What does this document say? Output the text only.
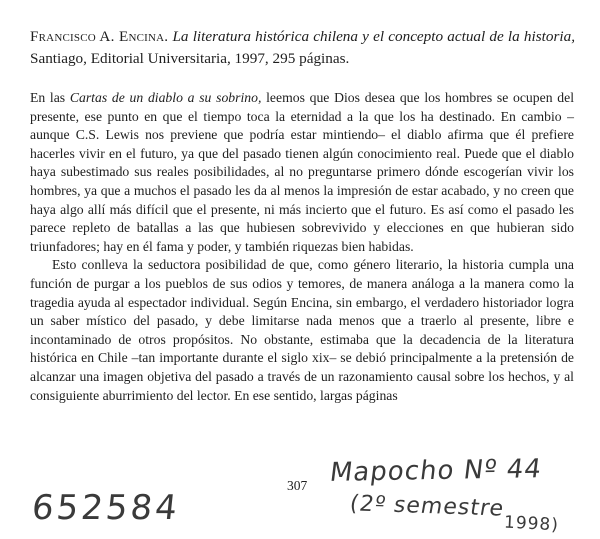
Francisco A. Encina. La literatura histórica chilena y el concepto actual de la historia, Santiago, Editorial Universitaria, 1997, 295 páginas.

En las Cartas de un diablo a su sobrino, leemos que Dios desea que los hombres se ocupen del presente, ese punto en que el tiempo toca la eternidad a la que los ha destinado. En cambio –aunque C.S. Lewis nos previene que podría estar mintiendo– el diablo afirma que él prefiere hacerles vivir en el futuro, ya que del pasado tienen algún conocimiento real. Puede que el diablo haya subestimado sus reales posibilidades, al no preguntarse primero dónde escogerían vivir los hombres, ya que a muchos el pasado les da al menos la impresión de estar acabado, y no creen que haya algo allí más difícil que el presente, ni más incierto que el futuro. Es así como el pasado les parece repleto de batallas a las que hubiesen sobrevivido y elecciones en que hubieran sido triunfadores; hay en él fama y poder, y también riquezas bien habidas.

Esto conlleva la seductora posibilidad de que, como género literario, la historia cumpla una función de purgar a los pueblos de sus odios y temores, de manera análoga a la manera como la tragedia ayuda al espectador individual. Según Encina, sin embargo, el verdadero historiador logra un saber místico del pasado, y debe limitarse nada menos que a traerlo al presente, libre e incontaminado de otros propósitos. No obstante, estimaba que la decadencia de la literatura histórica en Chile –tan importante durante el siglo xix– se debió principalmente a la pretensión de alcanzar una imagen objetiva del pasado a través de un razonamiento causal sobre los hechos, y al consiguiente aburrimiento del lector. En ese sentido, largas páginas

307
652584
Mapocho Nº 44
(2º semestre
1998)
